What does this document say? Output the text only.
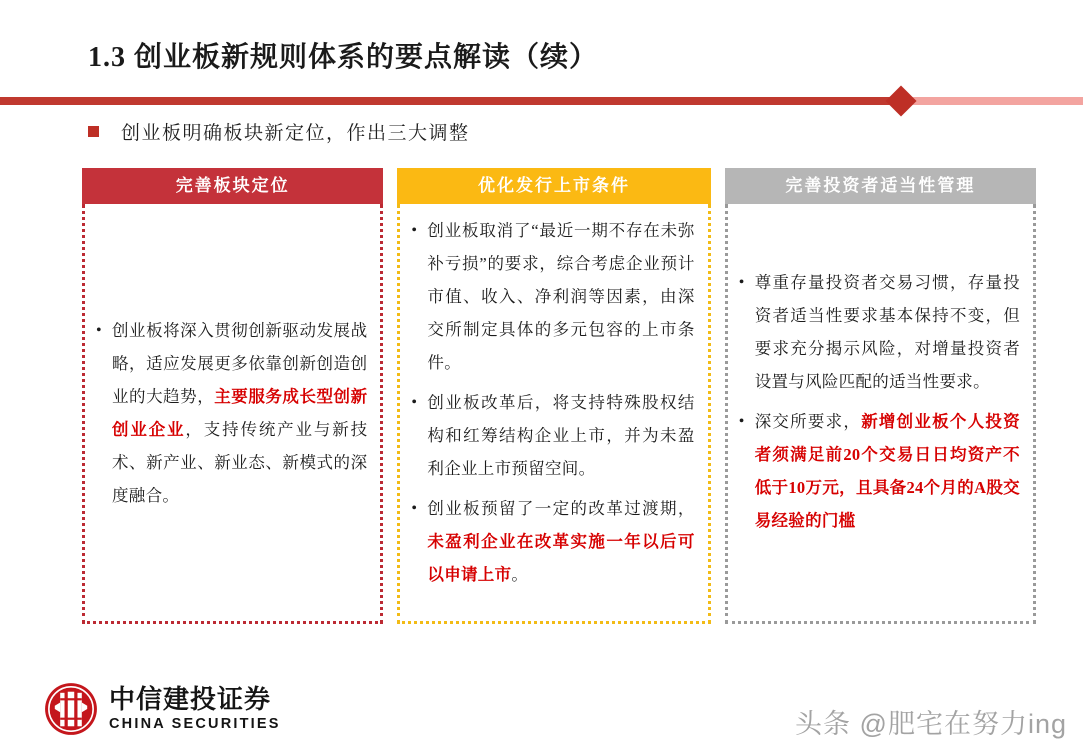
1.3 创业板新规则体系的要点解读（续）
创业板明确板块新定位，作出三大调整
完善板块定位
• 创业板将深入贯彻创新驱动发展战略，适应发展更多依靠创新创造创业的大趋势，主要服务成长型创新创业企业，支持传统产业与新技术、新产业、新业态、新模式的深度融合。
优化发行上市条件
• 创业板取消了“最近一期不存在未弥补亏损”的要求，综合考虑企业预计市值、收入、净利润等因素，由深交所制定具体的多元包容的上市条件。
• 创业板改革后，将支持特殊股权结构和红筹结构企业上市，并为未盈利企业上市预留空间。
• 创业板预留了一定的改革过渡期，未盈利企业在改革实施一年以后可以申请上市。
完善投资者适当性管理
• 尊重存量投资者交易习惯，存量投资者适当性要求基本保持不变，但要求充分揭示风险，对增量投资者设置与风险匹配的适当性要求。
• 深交所要求，新增创业板个人投资者须满足前20个交易日日均资产不低于10万元，且具备24个月的A股交易经验的门槛
中信建投证券
CHINA SECURITIES	头条 @肥宅在努力ing
